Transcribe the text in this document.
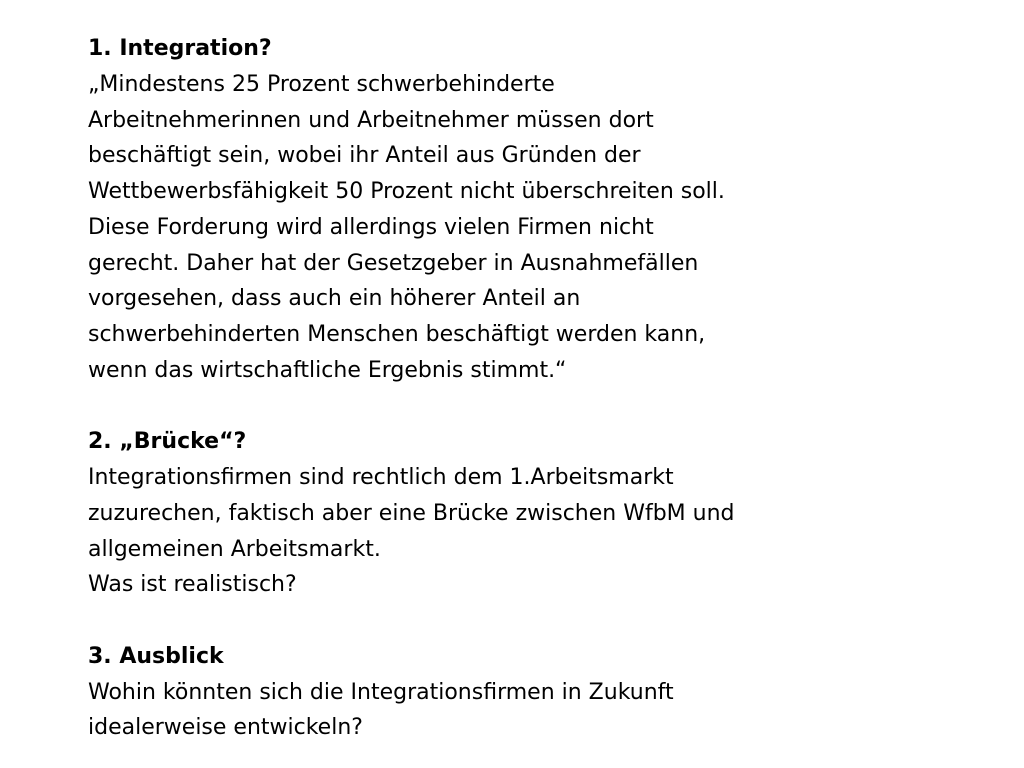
1. Integration?
„Mindestens 25 Prozent schwerbehinderte
Arbeitnehmerinnen und Arbeitnehmer müssen dort
beschäftigt sein, wobei ihr Anteil aus Gründen der
Wettbewerbsfähigkeit 50 Prozent nicht überschreiten soll.
Diese Forderung wird allerdings vielen Firmen nicht
gerecht. Daher hat der Gesetzgeber in Ausnahmefällen
vorgesehen, dass auch ein höherer Anteil an
schwerbehinderten Menschen beschäftigt werden kann,
wenn das wirtschaftliche Ergebnis stimmt.“
2. „Brücke“?
Integrationsfirmen sind rechtlich dem 1.Arbeitsmarkt
zuzurechen, faktisch aber eine Brücke zwischen WfbM und
allgemeinen Arbeitsmarkt.
Was ist realistisch?
3. Ausblick
Wohin könnten sich die Integrationsfirmen in Zukunft
idealerweise entwickeln?
